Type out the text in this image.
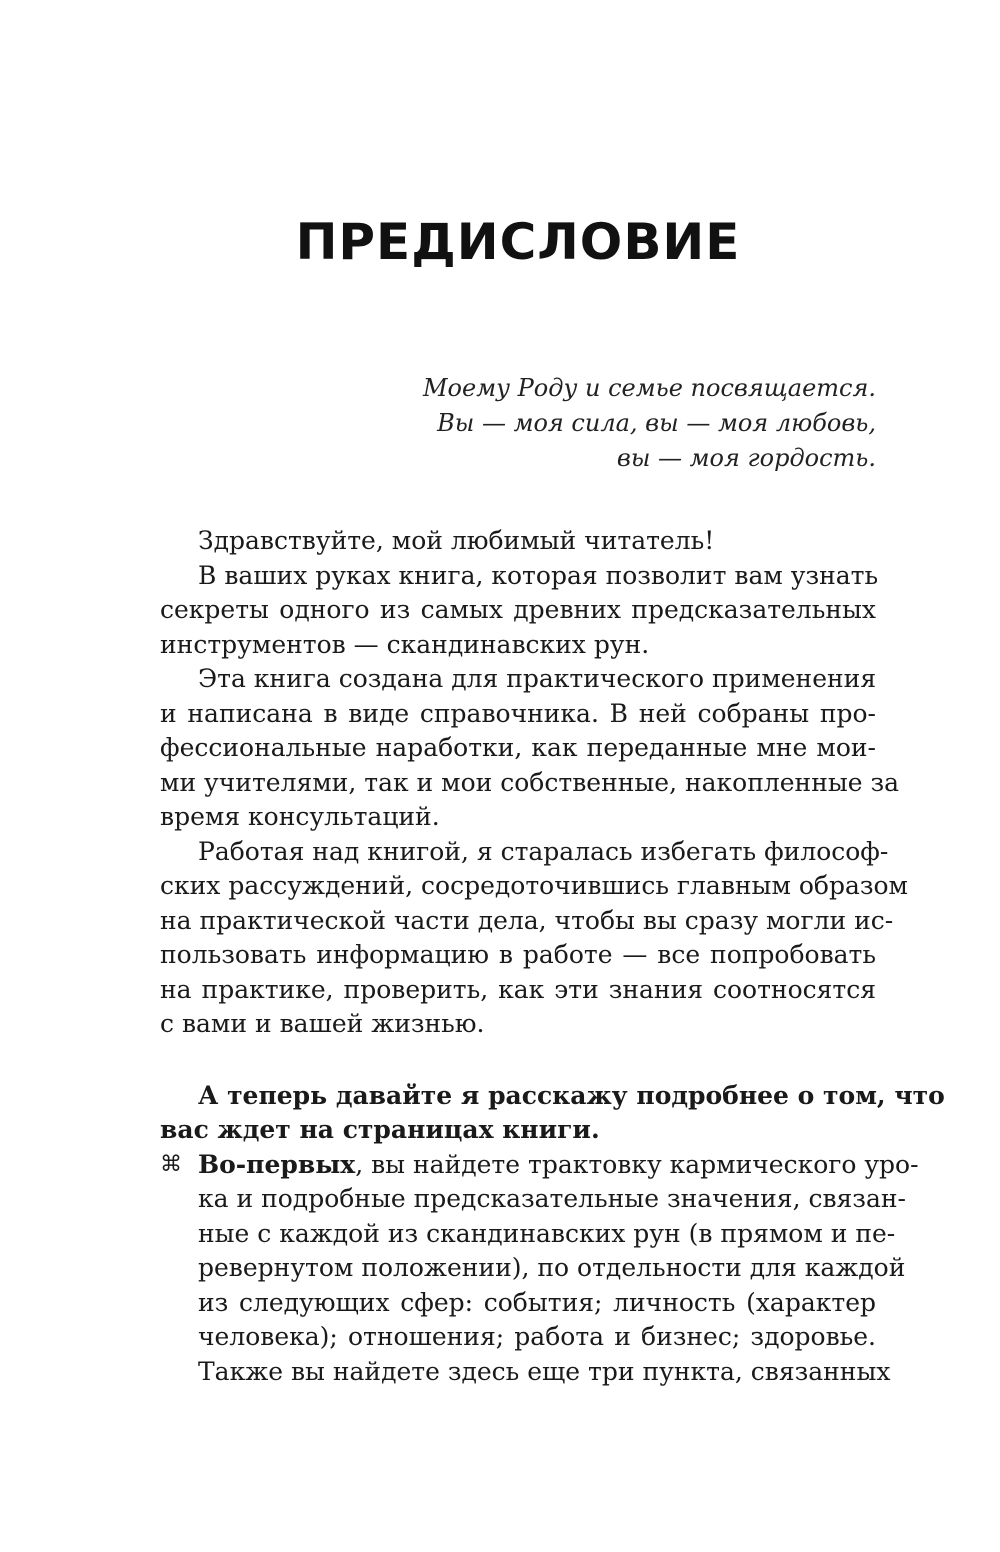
ПРЕДИСЛОВИЕ
Моему Роду и семье посвящается.
Вы — моя сила, вы — моя любовь,
вы — моя гордость.
Здравствуйте, мой любимый читатель!
В ваших руках книга, которая позволит вам узнать
секреты одного из самых древних предсказательных
инструментов — скандинавских рун.
Эта книга создана для практического применения
и написана в виде справочника. В ней собраны про-
фессиональные наработки, как переданные мне мои-
ми учителями, так и мои собственные, накопленные за
время консультаций.
Работая над книгой, я старалась избегать философ-
ских рассуждений, сосредоточившись главным образом
на практической части дела, чтобы вы сразу могли ис-
пользовать информацию в работе — все попробовать
на практике, проверить, как эти знания соотносятся
с вами и вашей жизнью.
А теперь давайте я расскажу подробнее о том, что
вас ждет на страницах книги.
⌘ Во-первых, вы найдете трактовку кармического уро-
ка и подробные предсказательные значения, связан-
ные с каждой из скандинавских рун (в прямом и пе-
ревернутом положении), по отдельности для каждой
из следующих сфер: события; личность (характер
человека); отношения; работа и бизнес; здоровье.
Также вы найдете здесь еще три пункта, связанных
